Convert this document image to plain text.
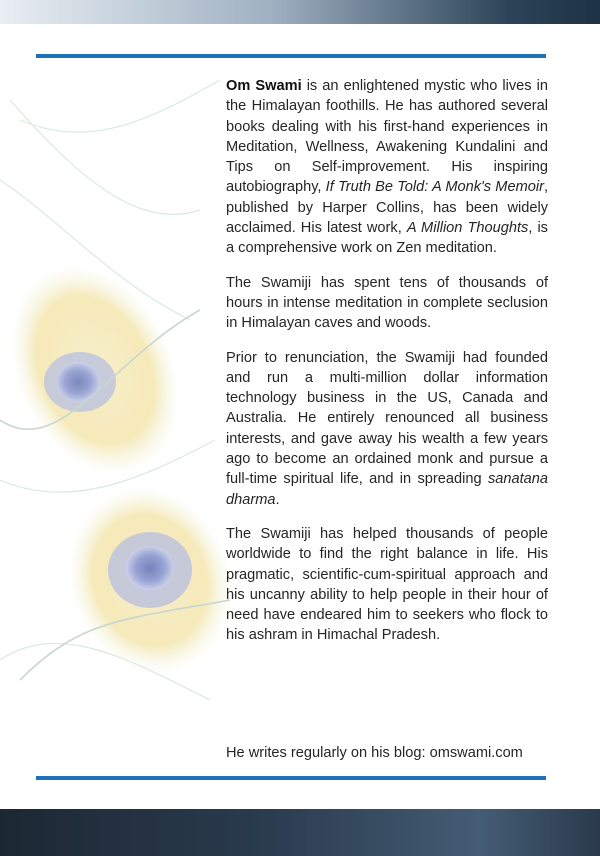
Om Swami is an enlightened mystic who lives in the Himalayan foothills. He has authored several books dealing with his first-hand experiences in Meditation, Wellness, Awakening Kundalini and Tips on Self-improvement. His inspiring autobiography, If Truth Be Told: A Monk's Memoir, published by Harper Collins, has been widely acclaimed. His latest work, A Million Thoughts, is a comprehensive work on Zen meditation.

The Swamiji has spent tens of thousands of hours in intense meditation in complete seclusion in Himalayan caves and woods.

Prior to renunciation, the Swamiji had founded and run a multi-million dollar information technology business in the US, Canada and Australia. He entirely renounced all business interests, and gave away his wealth a few years ago to become an ordained monk and pursue a full-time spiritual life, and in spreading sanatana dharma.

The Swamiji has helped thousands of people worldwide to find the right balance in life. His pragmatic, scientific-cum-spiritual approach and his uncanny ability to help people in their hour of need have endeared him to seekers who flock to his ashram in Himachal Pradesh.

He writes regularly on his blog: omswami.com
